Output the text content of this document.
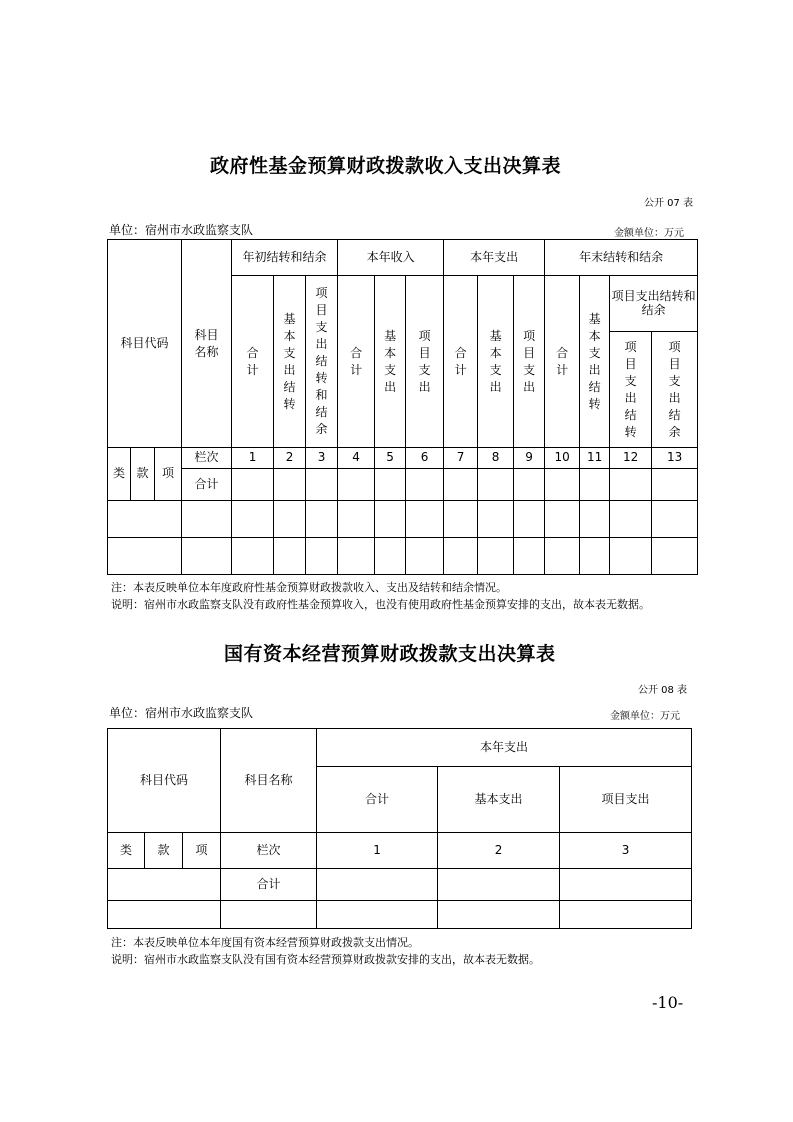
政府性基金预算财政拨款收入支出决算表
公开 07 表
单位：宿州市水政监察支队	金额单位：万元
科目代码			科目名称	年初结转和结余			本年收入			本年支出			年末结转和结余			
				合计	基本支出结转	项目支出结转和结余	合计	基本支出	项目支出	合计	基本支出	项目支出	合计	基本支出结转	项目支出结转和结余	
															项目支出结转	项目支出结余
类	款	项	栏次	1	2	3	4	5	6	7	8	9	10	11	12	13
			合计													

注：本表反映单位本年度政府性基金预算财政拨款收入、支出及结转和结余情况。
说明：宿州市水政监察支队没有政府性基金预算收入，也没有使用政府性基金预算安排的支出，故本表无数据。
国有资本经营预算财政拨款支出决算表
公开 08 表
单位：宿州市水政监察支队	金额单位：万元
科目代码			科目名称	本年支出		
				合计	基本支出	项目支出
类	款	项	栏次	1	2	3
			合计			

注：本表反映单位本年度国有资本经营预算财政拨款支出情况。
说明：宿州市水政监察支队没有国有资本经营预算财政拨款安排的支出，故本表无数据。
-10-
